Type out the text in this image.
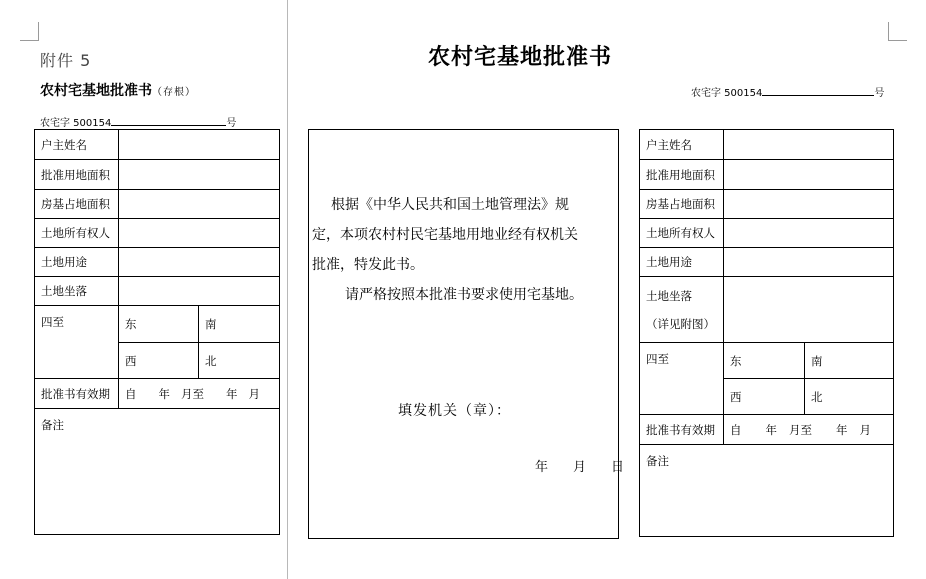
附件 5
农村宅基地批准书（存根）
农宅字 500154	号
户主姓名		
批准用地面积		
房基占地面积		
土地所有权人		
土地用途		
土地坐落		
四至	东	南
	西	北
批准书有效期	自 年 月至 年 月	
备注		
农村宅基地批准书
根据《中华人民共和国土地管理法》规
定，本项农村村民宅基地用地业经有权机关
批准，特发此书。
请严格按照本批准书要求使用宅基地。
填发机关（章）：
年 月 日
农宅字 500154	号
户主姓名		
批准用地面积		
房基占地面积		
土地所有权人		
土地用途		

土地坐落
（详见附图）		

四至	东	南
	西	北
批准书有效期	自 年 月至 年 月	
备注		
